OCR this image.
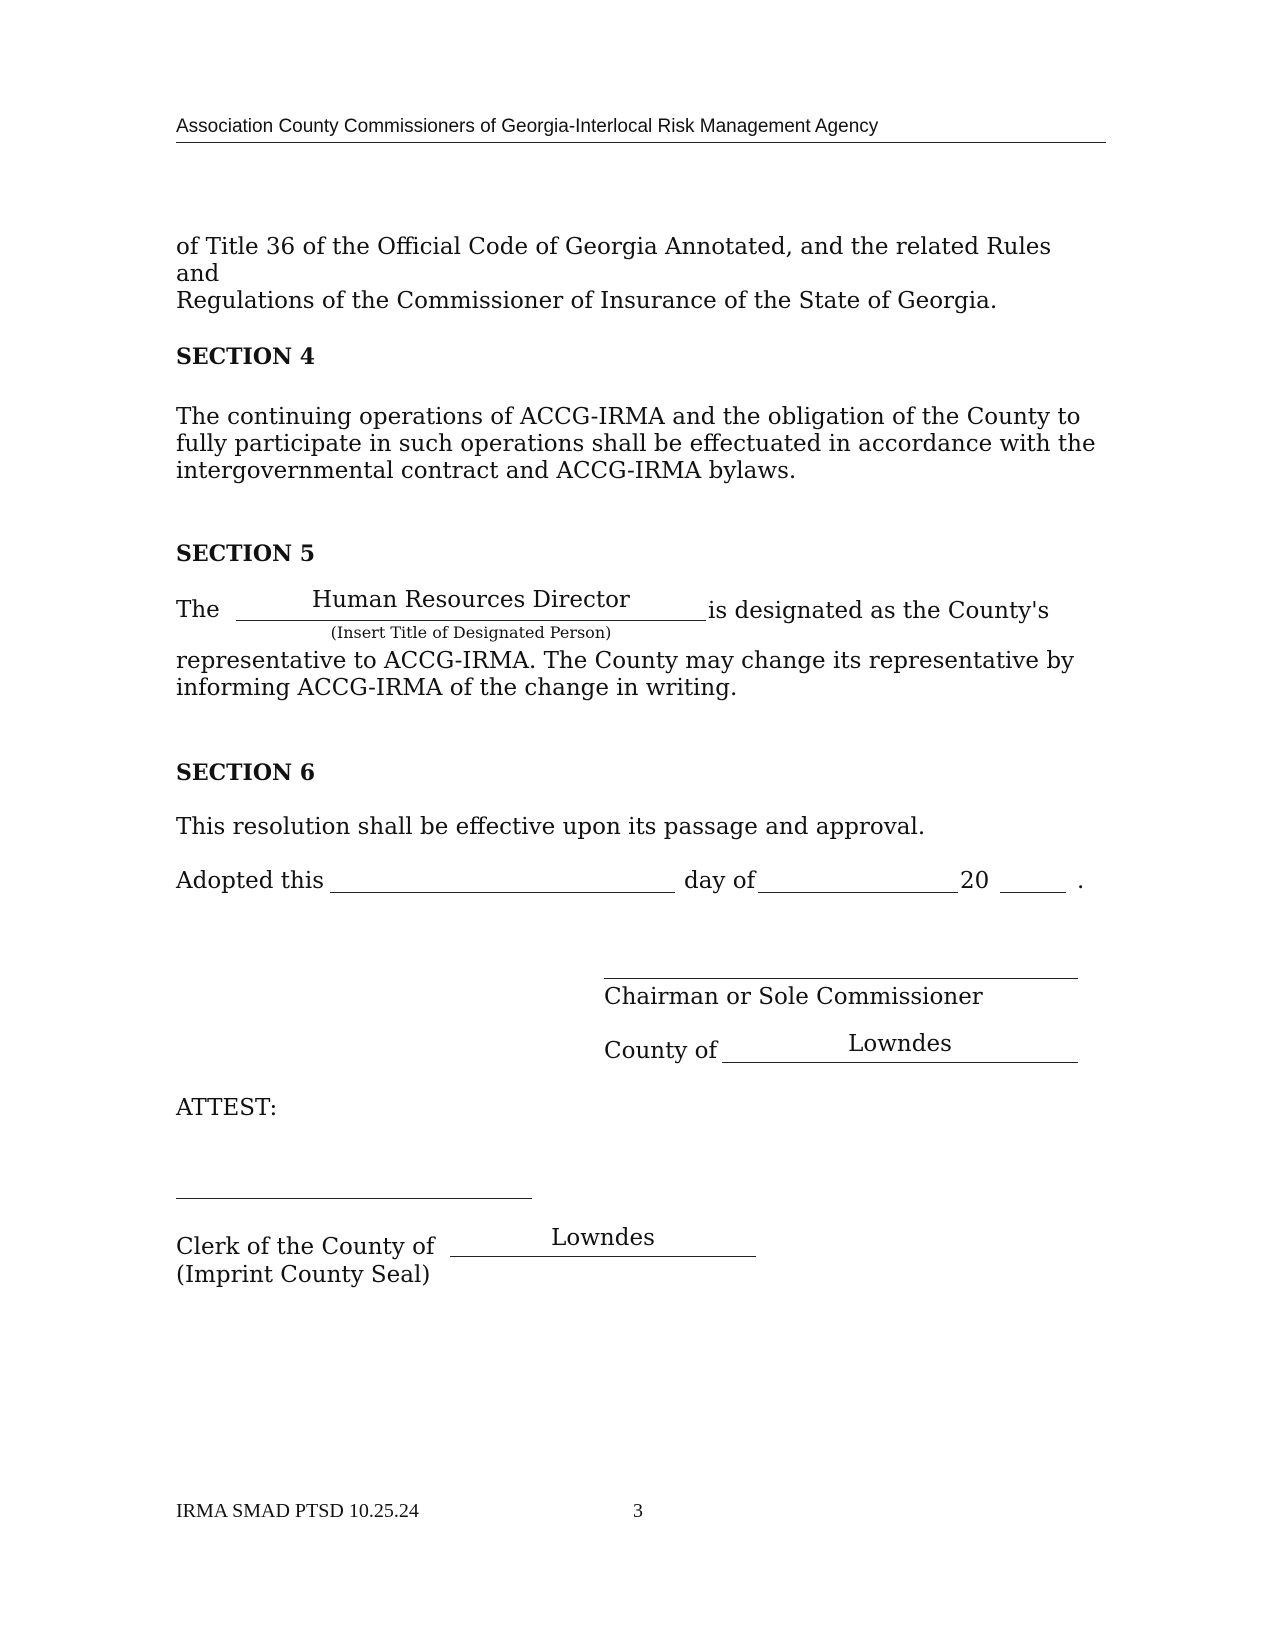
Association County Commissioners of Georgia-Interlocal Risk Management Agency
of Title 36 of the Official Code of Georgia Annotated, and the related Rules and
Regulations of the Commissioner of Insurance of the State of Georgia.
SECTION 4
The continuing operations of ACCG-IRMA and the obligation of the County to
fully participate in such operations shall be effectuated in accordance with the
intergovernmental contract and ACCG-IRMA bylaws.
SECTION 5
The	Human Resources Director
(Insert Title of Designated Person)
is designated as the County's
representative to ACCG-IRMA. The County may change its representative by
informing ACCG-IRMA of the change in writing.
SECTION 6
This resolution shall be effective upon its passage and approval.
Adopted this	day of	20	.
Chairman or Sole Commissioner
County of	Lowndes
ATTEST:
Clerk of the County of	Lowndes
(Imprint County Seal)
IRMA SMAD PTSD 10.25.24	3
